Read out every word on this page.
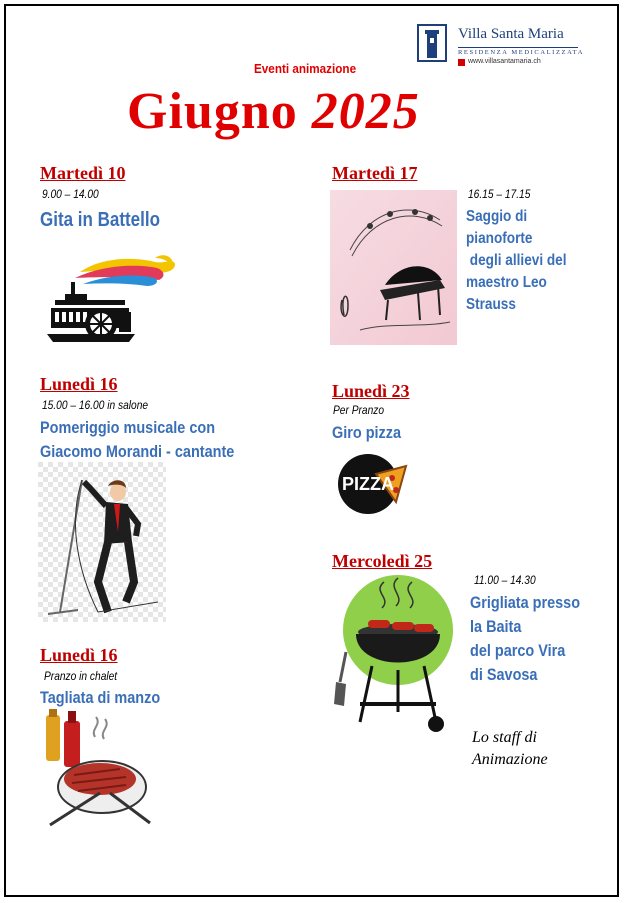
Villa Santa Maria
RESIDENZA MEDICALIZZATA
www.villasantamaria.ch
Eventi animazione
Giugno 2025
Martedì 10
9.00 – 14.00
Gita in Battello
Martedì 17
16.15 – 17.15
Saggio di
pianoforte
degli allievi del
maestro Leo
Strauss
Lunedì 16
15.00 – 16.00 in salone
Pomeriggio musicale con
Giacomo Morandi - cantante
Lunedì 23
Per Pranzo
Giro pizza
PIZZA
Mercoledì 25
11.00 – 14.30
Grigliata presso
la Baita
del parco Vira
di Savosa
Lo staff di
Animazione
Lunedì 16
Pranzo in chalet
Tagliata di manzo
